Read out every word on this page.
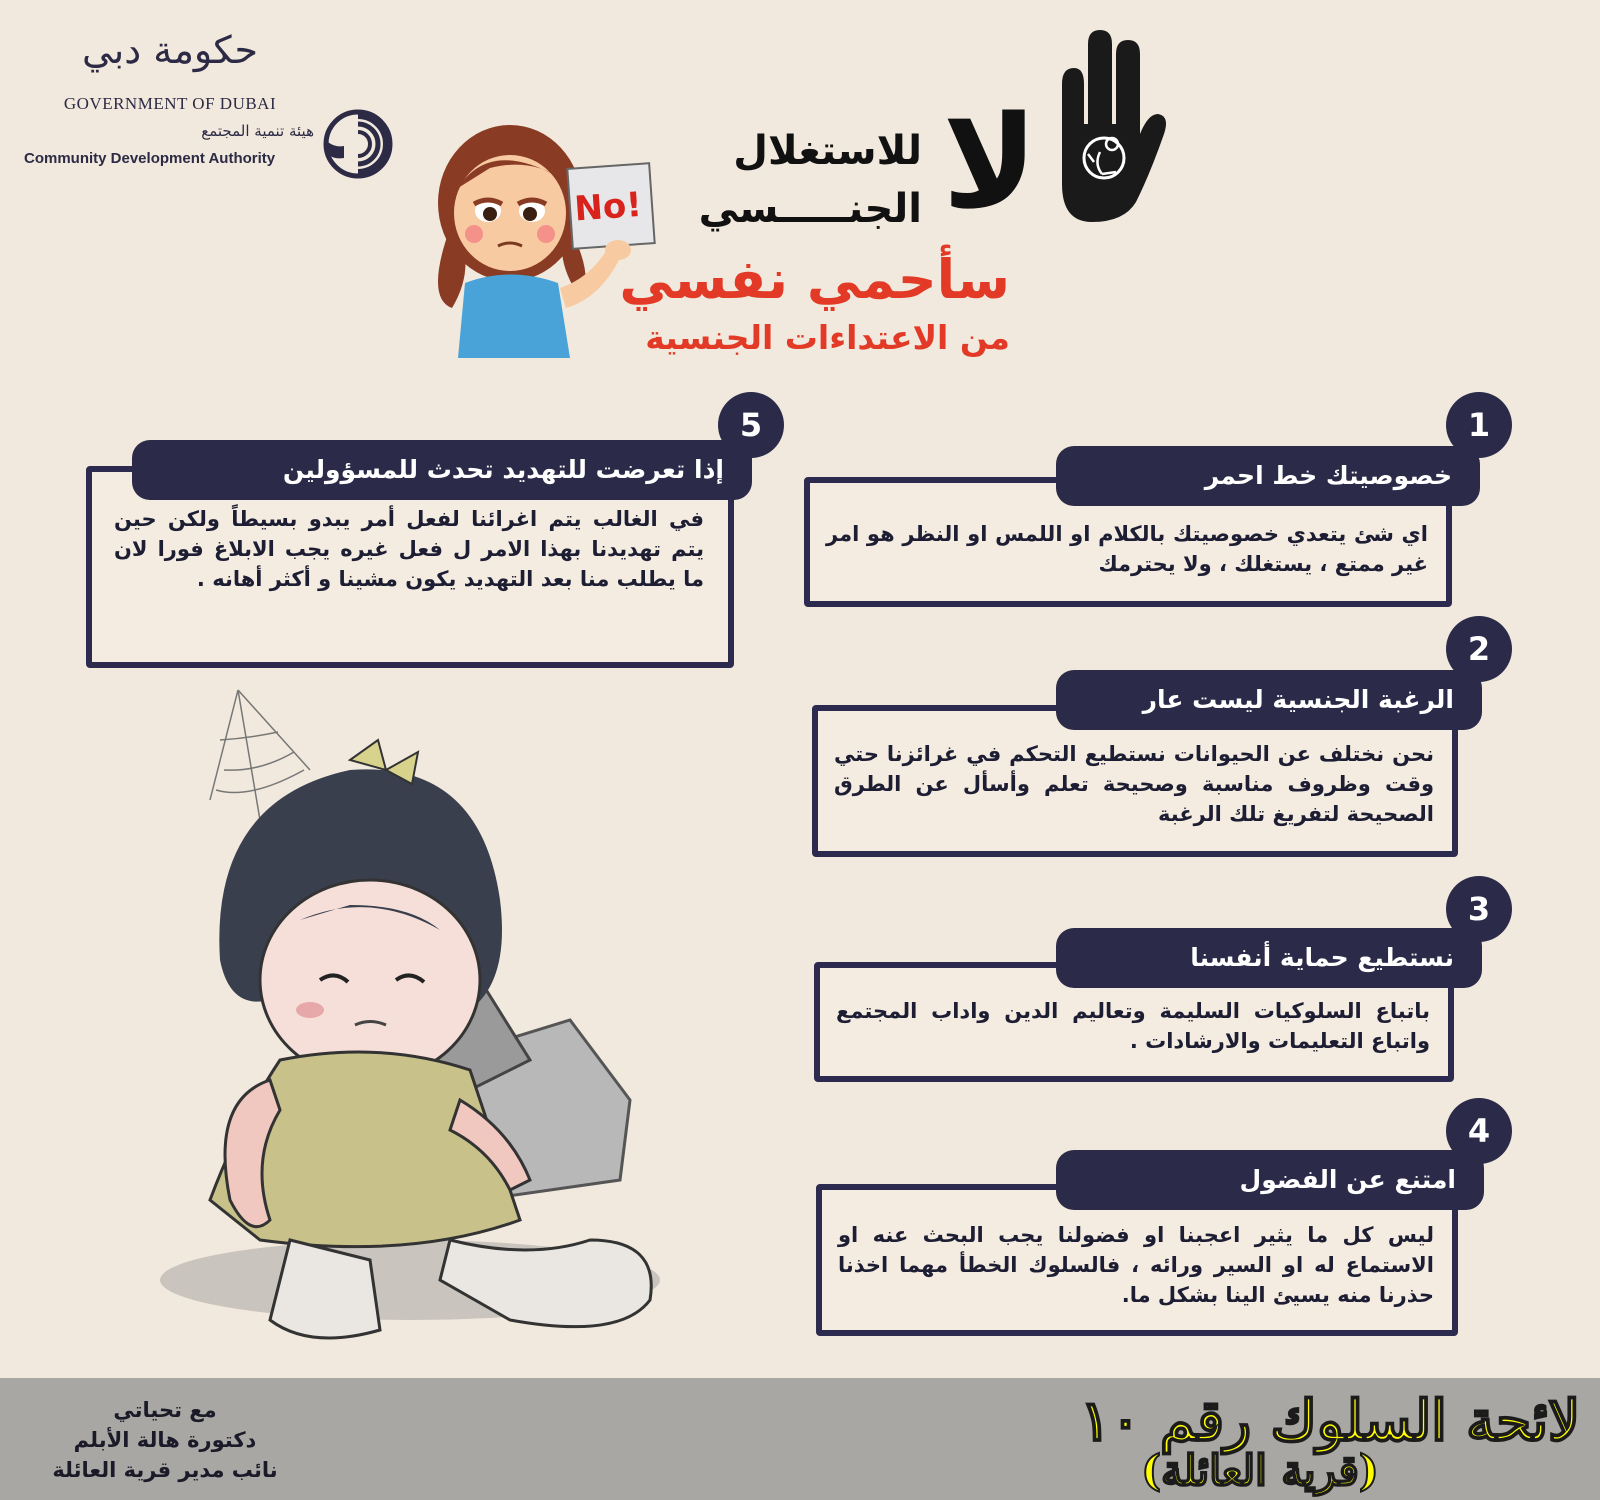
حكومة دبي
GOVERNMENT OF DUBAI
هيئة تنمية المجتمع
Community Development Authority
No!
للاستغلال
الجنـــــسي لا
سأحمي نفسي
من الاعتداءات الجنسية
في الغالب يتم اغرائنا لفعل أمر يبدو بسيطاً ولكن حين يتم تهديدنا بهذا الامر ل فعل غيره يجب الابلاغ فورا لان ما يطلب منا بعد التهديد يكون مشينا و أكثر أهانه .
إذا تعرضت للتهديد تحدث للمسؤولين
5
اي شئ يتعدي خصوصيتك بالكلام او اللمس او النظر هو امر غير ممتع ، يستغلك ، ولا يحترمك
خصوصيتك خط احمر
1
نحن نختلف عن الحيوانات نستطيع التحكم في غرائزنا حتي وقت وظروف مناسبة وصحيحة تعلم وأسأل عن الطرق الصحيحة لتفريغ تلك الرغبة
الرغبة الجنسية ليست عار
2
باتباع السلوكيات السليمة وتعاليم الدين واداب المجتمع واتباع التعليمات والارشادات .
نستطيع حماية أنفسنا
3
ليس كل ما يثير اعجبنا او فضولنا يجب البحث عنه او الاستماع له او السير ورائه ، فالسلوك الخطأ مهما اخذنا حذرنا منه يسيئ الينا بشكل ما.
امتنع عن الفضول
4
مع تحياتي
دكتورة هالة الأبلم
نائب مدير قرية العائلة
لائحة السلوك رقم ١٠
(قرية العائلة)
